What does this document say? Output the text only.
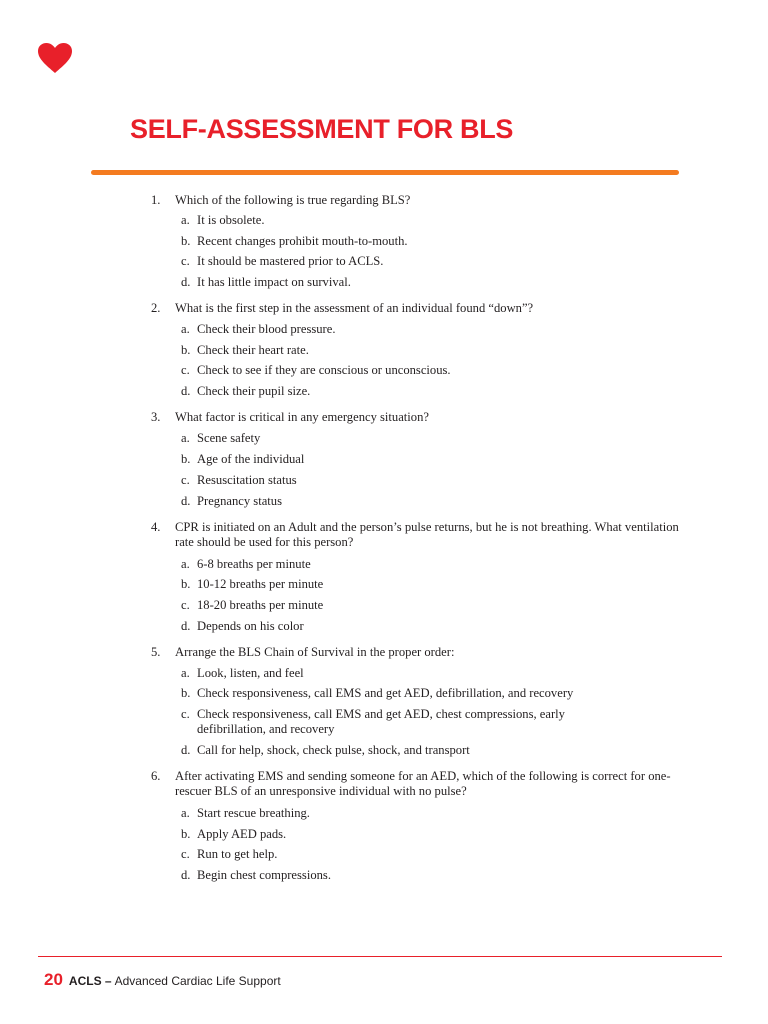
SELF-ASSESSMENT FOR BLS
1. Which of the following is true regarding BLS?
a. It is obsolete.
b. Recent changes prohibit mouth-to-mouth.
c. It should be mastered prior to ACLS.
d. It has little impact on survival.
2. What is the first step in the assessment of an individual found “down”?
a. Check their blood pressure.
b. Check their heart rate.
c. Check to see if they are conscious or unconscious.
d. Check their pupil size.
3. What factor is critical in any emergency situation?
a. Scene safety
b. Age of the individual
c. Resuscitation status
d. Pregnancy status
4. CPR is initiated on an Adult and the person’s pulse returns, but he is not breathing. What ventilation rate should be used for this person?
a. 6-8 breaths per minute
b. 10-12 breaths per minute
c. 18-20 breaths per minute
d. Depends on his color
5. Arrange the BLS Chain of Survival in the proper order:
a. Look, listen, and feel
b. Check responsiveness, call EMS and get AED, defibrillation, and recovery
c. Check responsiveness, call EMS and get AED, chest compressions, early defibrillation, and recovery
d. Call for help, shock, check pulse, shock, and transport
6. After activating EMS and sending someone for an AED, which of the following is correct for one-rescuer BLS of an unresponsive individual with no pulse?
a. Start rescue breathing.
b. Apply AED pads.
c. Run to get help.
d. Begin chest compressions.
20 ACLS – Advanced Cardiac Life Support
